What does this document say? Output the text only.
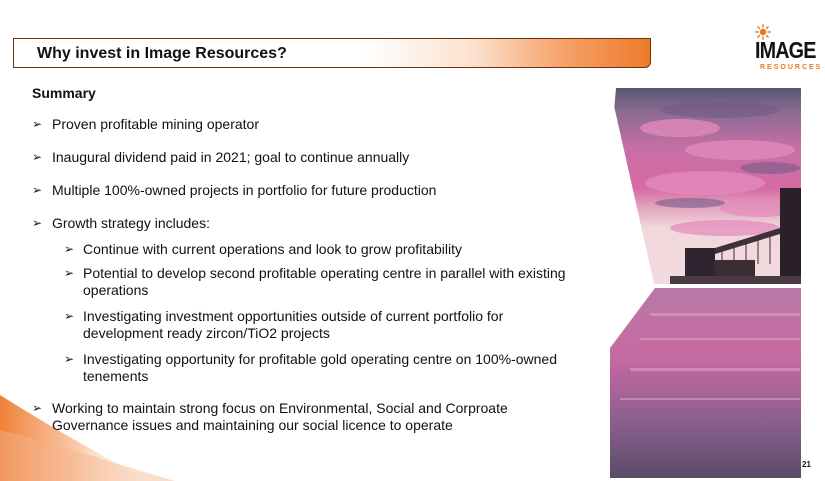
Why invest in Image Resources?	IMAGE
RESOURCES
Summary
➢ Proven profitable mining operator
➢ Inaugural dividend paid in 2021; goal to continue annually
➢ Multiple 100%-owned projects in portfolio for future production
➢ Growth strategy includes:
➢ Continue with current operations and look to grow profitability
➢ Potential to develop second profitable operating centre in parallel with existing operations
➢ Investigating investment opportunities outside of current portfolio for development ready zircon/TiO2 projects
➢ Investigating opportunity for profitable gold operating centre on 100%-owned tenements
➢ Working to maintain strong focus on Environmental, Social and Corproate Governance issues and maintaining our social licence to operate
21
